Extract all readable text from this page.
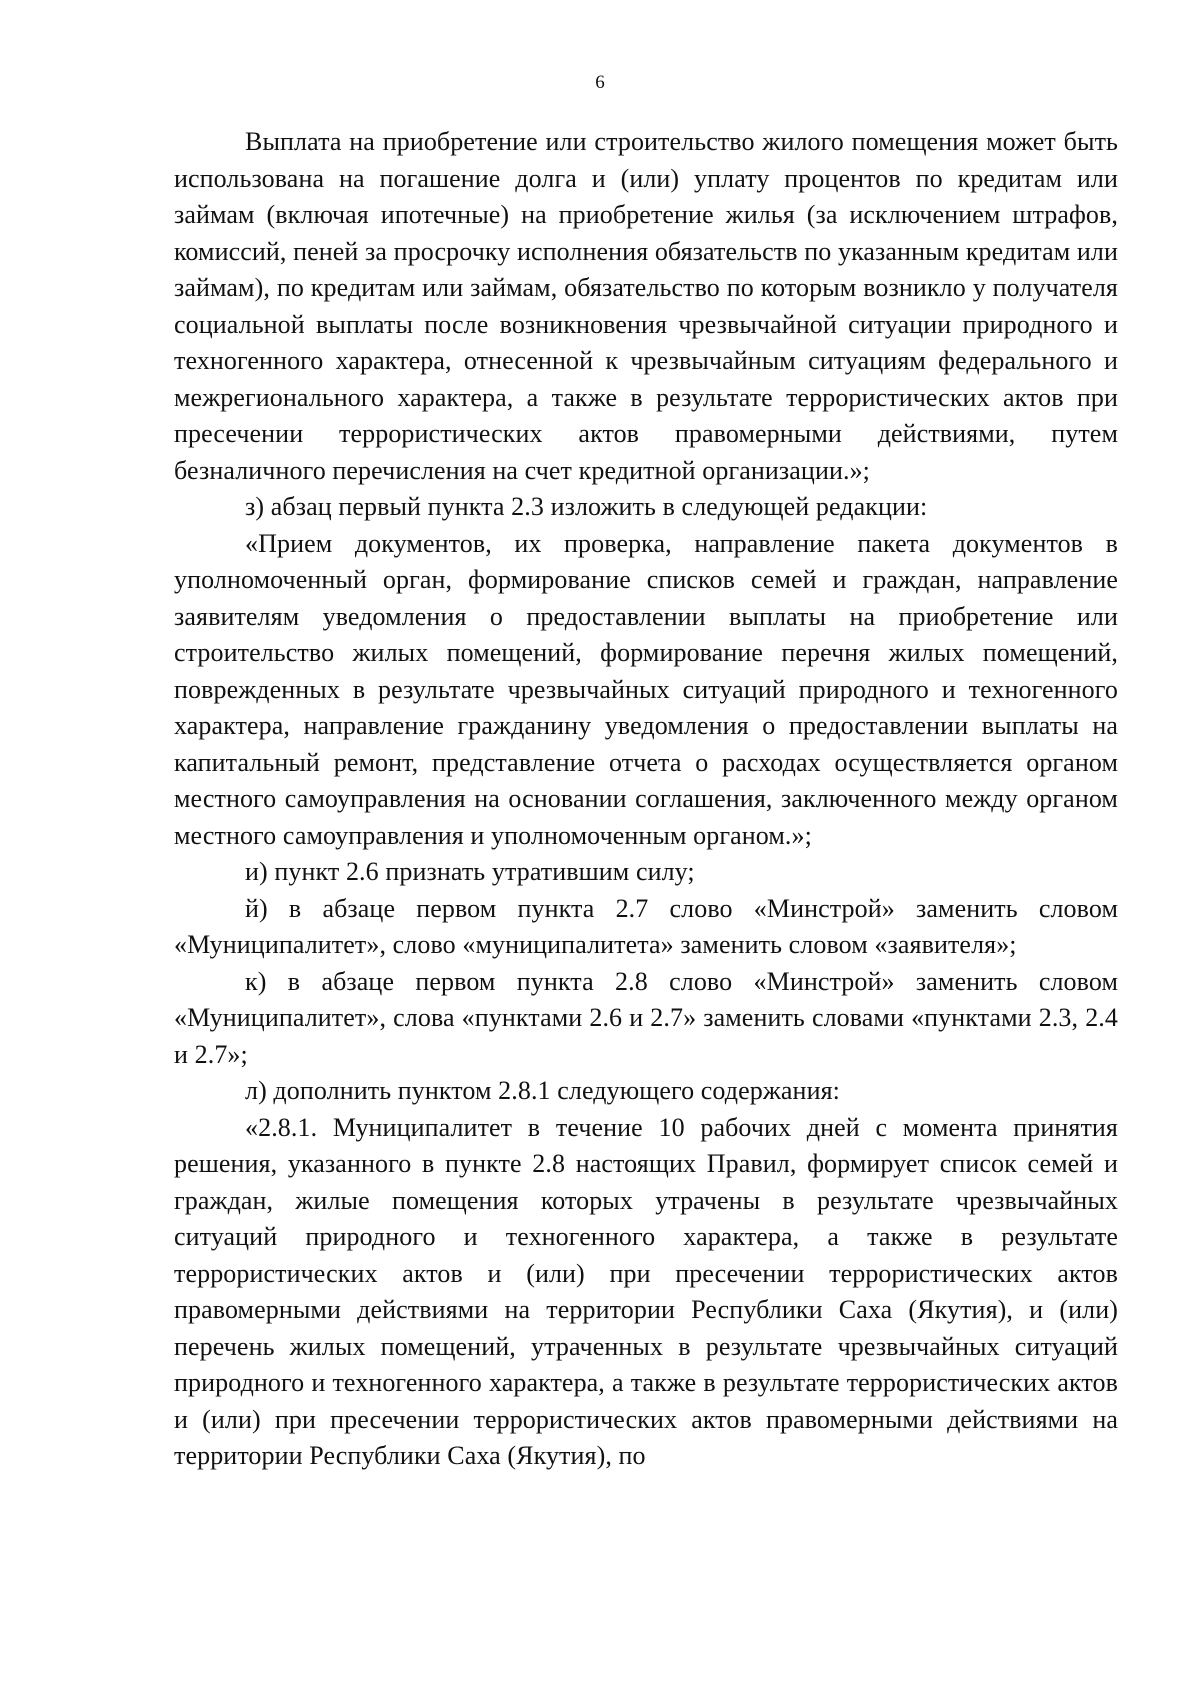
6

Выплата на приобретение или строительство жилого помещения может быть использована на погашение долга и (или) уплату процентов по кредитам или займам (включая ипотечные) на приобретение жилья (за исключением штрафов, комиссий, пеней за просрочку исполнения обязательств по указанным кредитам или займам), по кредитам или займам, обязательство по которым возникло у получателя социальной выплаты после возникновения чрезвычайной ситуации природного и техногенного характера, отнесенной к чрезвычайным ситуациям федерального и межрегионального характера, а также в результате террористических актов при пресечении террористических актов правомерными действиями, путем безналичного перечисления на счет кредитной организации.»;

з) абзац первый пункта 2.3 изложить в следующей редакции:

«Прием документов, их проверка, направление пакета документов в уполномоченный орган, формирование списков семей и граждан, направление заявителям уведомления о предоставлении выплаты на приобретение или строительство жилых помещений, формирование перечня жилых помещений, поврежденных в результате чрезвычайных ситуаций природного и техногенного характера, направление гражданину уведомления о предоставлении выплаты на капитальный ремонт, представление отчета о расходах осуществляется органом местного самоуправления на основании соглашения, заключенного между органом местного самоуправления и уполномоченным органом.»;

и) пункт 2.6 признать утратившим силу;

й) в абзаце первом пункта 2.7 слово «Минстрой» заменить словом «Муниципалитет», слово «муниципалитета» заменить словом «заявителя»;

к) в абзаце первом пункта 2.8 слово «Минстрой» заменить словом «Муниципалитет», слова «пунктами 2.6 и 2.7» заменить словами «пунктами 2.3, 2.4 и 2.7»;

л) дополнить пунктом 2.8.1 следующего содержания:

«2.8.1. Муниципалитет в течение 10 рабочих дней с момента принятия решения, указанного в пункте 2.8 настоящих Правил, формирует список семей и граждан, жилые помещения которых утрачены в результате чрезвычайных ситуаций природного и техногенного характера, а также в результате террористических актов и (или) при пресечении террористических актов правомерными действиями на территории Республики Саха (Якутия), и (или) перечень жилых помещений, утраченных в результате чрезвычайных ситуаций природного и техногенного характера, а также в результате террористических актов и (или) при пресечении террористических актов правомерными действиями на территории Республики Саха (Якутия), по
